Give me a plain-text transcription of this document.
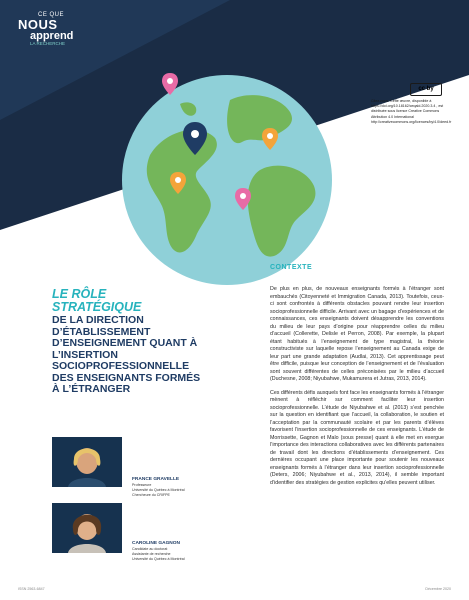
CE QUE
NOUS
apprend
LA RECHERCHE
cc by
Citez-nous. Cette œuvre, disponible à https://doi.org/10.18162/ceqald.2020.3.4 , est distribuée sous licence Creative Commons Attribution 4.0 International http://creativecommons.org/licences/by/4.0/deed.fr
LE RÔLE
STRATÉGIQUE
DE LA DIRECTION D’ÉTABLISSEMENT D’ENSEIGNEMENT QUANT À L’INSERTION SOCIOPROFESSIONNELLE DES ENSEIGNANTS FORMÉS À L’ÉTRANGER
CONTEXTE

De plus en plus, de nouveaux enseignants formés à l’étranger sont embauchés (Citoyenneté et Immigration Canada, 2013). Toutefois, ceux-ci sont confrontés à différents obstacles pouvant rendre leur insertion socioprofessionnelle difficile. Arrivant avec un bagage d’expériences et de connaissances, ces enseignants doivent désapprendre les conventions du milieu de leur pays d’origine pour réapprendre celles du milieu d’accueil (Collerette, Delisle et Perron, 2008). Par exemple, la plupart étant habitués à l’enseignement de type magistral, la théorie constructiviste sur laquelle repose l’enseignement au Canada exige de leur part une grande adaptation (Audlai, 2013). Cet apprentissage peut être difficile, puisque leur conception de l’enseignement et de l’évaluation sont souvent différentes de celles préconisées par le milieu d’accueil (Duchesne, 2008; Niyubahwe, Mukamurera et Jutras, 2013, 2014).

Ces différents défis auxquels font face les enseignants formés à l’étranger mènent à réfléchir sur comment faciliter leur insertion socioprofessionnelle. L’étude de Niyubahwe et al. (2013) s’est penchée sur la question en identifiant que l’accueil, la collaboration, le soutien et l’acceptation par la communauté scolaire et par les parents d’élèves favorisent l’insertion socioprofessionnelle de ces enseignants. L’étude de Morrissette, Gagnon et Malo (sous presse) quant à elle met en exergue l’importance des interactions collaboratives avec les différents partenaires de travail dont les directions d’établissements d’enseignement. Ces dernières occupant une place importante pour soutenir les nouveaux enseignants formés à l’étranger dans leur insertion socioprofessionnelle (Deters, 2006; Niyubahwe et al., 2013, 2014), il semble important d’identifier des stratégies de gestion explicites qu’elles peuvent utiliser.

FRANCE GRAVELLE
Professeure
Université du Québec à Montréal
Chercheure du CRIFPE
CAROLINE GAGNON
Candidate au doctorat
Assistante de recherche
Université du Québec à Montréal
ISSN 2563-6847	Décembre 2020
